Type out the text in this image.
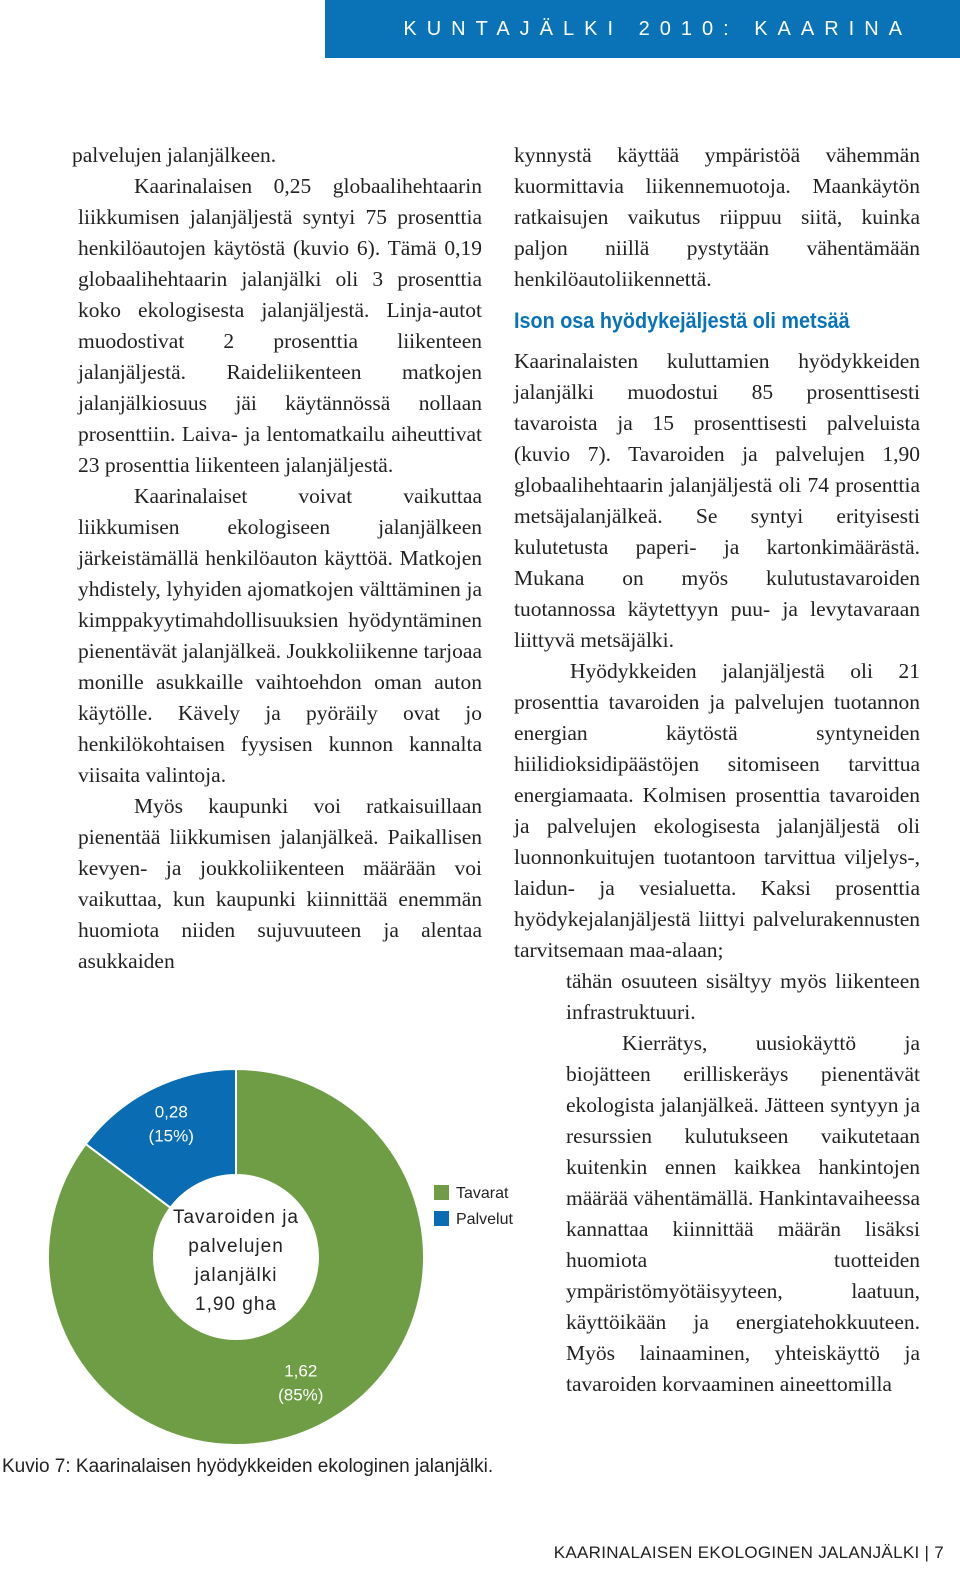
KUNTAJÄLKI 2010: KAARINA

palvelujen jalanjälkeen.

Kaarinalaisen 0,25 globaalihehtaarin liikkumisen jalanjäljestä syntyi 75 prosenttia henkilöautojen käytöstä (kuvio 6). Tämä 0,19 globaalihehtaarin jalanjälki oli 3 prosenttia koko ekologisesta jalanjäljestä. Linja-autot muodostivat 2 prosenttia liikenteen jalanjäljestä. Raideliikenteen matkojen jalanjälkiosuus jäi käytännössä nollaan prosenttiin. Laiva- ja lentomatkailu aiheuttivat 23 prosenttia liikenteen jalanjäljestä.

Kaarinalaiset voivat vaikuttaa liikkumisen ekologiseen jalanjälkeen järkeistämällä henkilöauton käyttöä. Matkojen yhdistely, lyhyiden ajomatkojen välttäminen ja kimppakyytimahdollisuuksien hyödyntäminen pienentävät jalanjälkeä. Joukkoliikenne tarjoaa monille asukkaille vaihtoehdon oman auton käytölle. Kävely ja pyöräily ovat jo henkilökohtaisen fyysisen kunnon kannalta viisaita valintoja.

Myös kaupunki voi ratkaisuillaan pienentää liikkumisen jalanjälkeä. Paikallisen kevyen- ja joukkoliikenteen määrään voi vaikuttaa, kun kaupunki kiinnittää enemmän huomiota niiden sujuvuuteen ja alentaa asukkaiden

kynnystä käyttää ympäristöä vähemmän kuormittavia liikennemuotoja. Maankäytön ratkaisujen vaikutus riippuu siitä, kuinka paljon niillä pystytään vähentämään henkilöautoliikennettä.

Ison osa hyödykejäljestä oli metsää

Kaarinalaisten kuluttamien hyödykkeiden jalanjälki muodostui 85 prosenttisesti tavaroista ja 15 prosenttisesti palveluista (kuvio 7). Tavaroiden ja palvelujen 1,90 globaalihehtaarin jalanjäljestä oli 74 prosenttia metsäjalanjälkeä. Se syntyi erityisesti kulutetusta paperi- ja kartonkimäärästä. Mukana on myös kulutustavaroiden tuotannossa käytettyyn puu- ja levytavaraan liittyvä metsäjälki.

Hyödykkeiden jalanjäljestä oli 21 prosenttia tavaroiden ja palvelujen tuotannon energian käytöstä syntyneiden hiilidioksidipäästöjen sitomiseen tarvittua energiamaata. Kolmisen prosenttia tavaroiden ja palvelujen ekologisesta jalanjäljestä oli luonnonkuitujen tuotantoon tarvittua viljelys-, laidun- ja vesialuetta. Kaksi prosenttia hyödykejalanjäljestä liittyi palvelurakennusten tarvitsemaan maa-alaan;

tähän osuuteen sisältyy myös liikenteen infrastruktuuri.

Kierrätys, uusiokäyttö ja biojätteen erilliskeräys pienentävät ekologista jalanjälkeä. Jätteen syntyyn ja resurssien kulutukseen vaikutetaan kuitenkin ennen kaikkea hankintojen määrää vähentämällä. Hankintavaiheessa kannattaa kiinnittää määrän lisäksi huomiota tuotteiden ympäristömyötäisyyteen, laatuun, käyttöikään ja energiatehokkuuteen. Myös lainaaminen, yhteiskäyttö ja tavaroiden korvaaminen aineettomilla

1,62
(85%)
0,28
(15%)
Tavaroiden ja
palvelujen
jalanjälki
1,90 gha
Tavarat
Palvelut
Kuvio 7: Kaarinalaisen hyödykkeiden ekologinen jalanjälki.
KAARINALAISEN EKOLOGINEN JALANJÄLKI | 7
